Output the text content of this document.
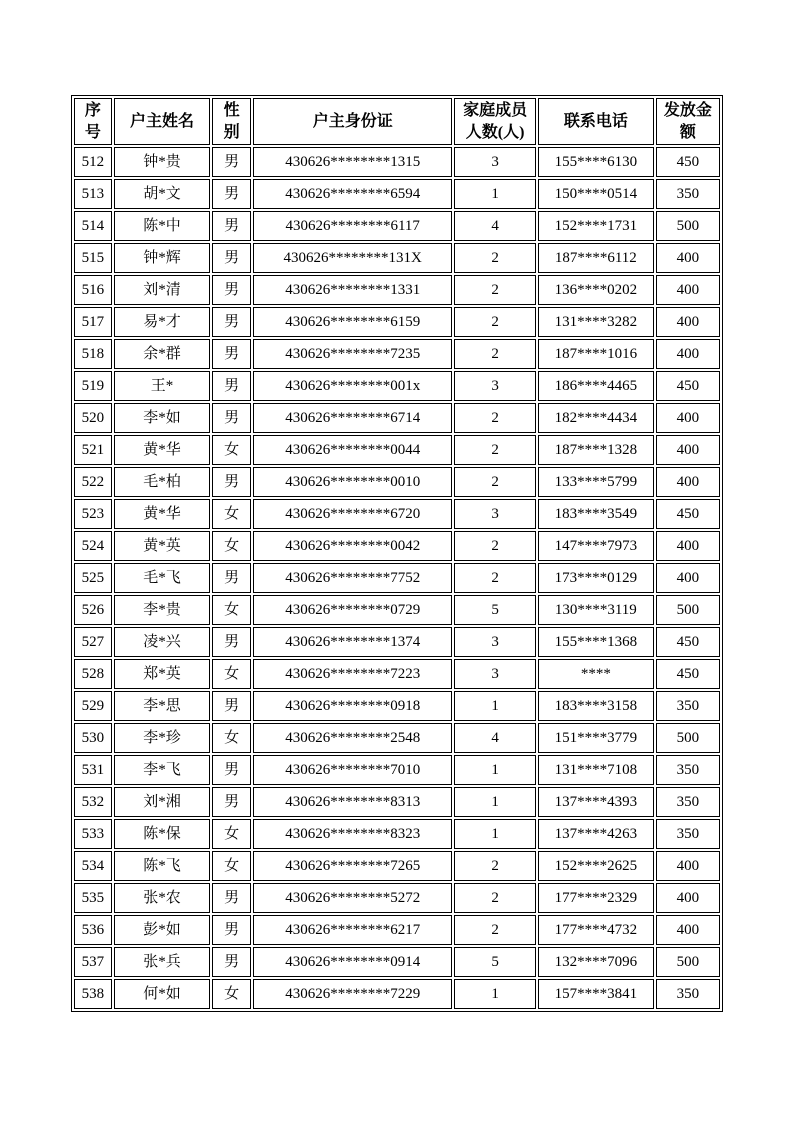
序号	户主姓名	性别	户主身份证	家庭成员人数(人)	联系电话	发放金额
512	钟*贵	男	430626********1315	3	155****6130	450
513	胡*文	男	430626********6594	1	150****0514	350
514	陈*中	男	430626********6117	4	152****1731	500
515	钟*辉	男	430626********131X	2	187****6112	400
516	刘*清	男	430626********1331	2	136****0202	400
517	易*才	男	430626********6159	2	131****3282	400
518	余*群	男	430626********7235	2	187****1016	400
519	王*	男	430626********001x	3	186****4465	450
520	李*如	男	430626********6714	2	182****4434	400
521	黄*华	女	430626********0044	2	187****1328	400
522	毛*柏	男	430626********0010	2	133****5799	400
523	黄*华	女	430626********6720	3	183****3549	450
524	黄*英	女	430626********0042	2	147****7973	400
525	毛*飞	男	430626********7752	2	173****0129	400
526	李*贵	女	430626********0729	5	130****3119	500
527	凌*兴	男	430626********1374	3	155****1368	450
528	郑*英	女	430626********7223	3	****	450
529	李*思	男	430626********0918	1	183****3158	350
530	李*珍	女	430626********2548	4	151****3779	500
531	李*飞	男	430626********7010	1	131****7108	350
532	刘*湘	男	430626********8313	1	137****4393	350
533	陈*保	女	430626********8323	1	137****4263	350
534	陈*飞	女	430626********7265	2	152****2625	400
535	张*农	男	430626********5272	2	177****2329	400
536	彭*如	男	430626********6217	2	177****4732	400
537	张*兵	男	430626********0914	5	132****7096	500
538	何*如	女	430626********7229	1	157****3841	350
